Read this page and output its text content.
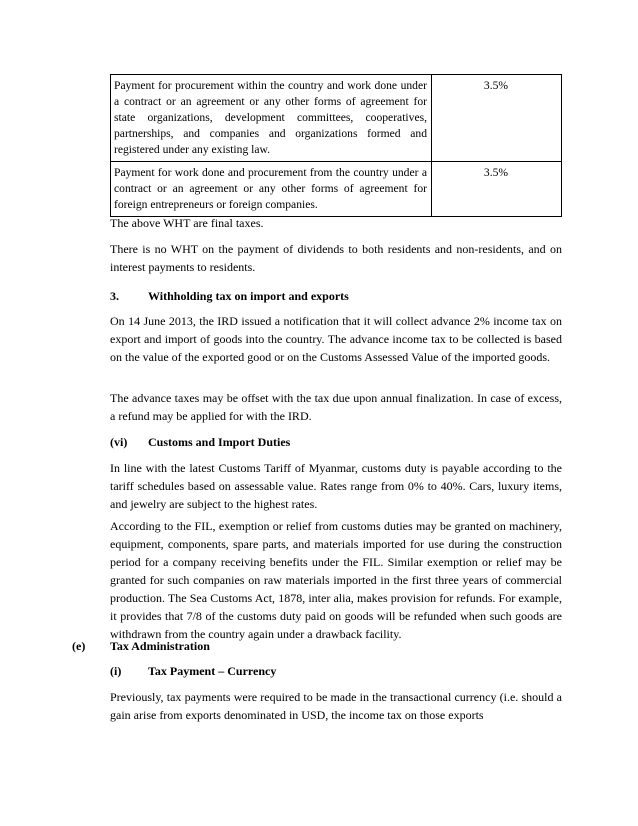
Payment for procurement within the country and work done under a contract or an agreement or any other forms of agreement for state organizations, development committees, cooperatives, partnerships, and companies and organizations formed and registered under any existing law.	3.5%
Payment for work done and procurement from the country under a contract or an agreement or any other forms of agreement for foreign entrepreneurs or foreign companies.	3.5%

The above WHT are final taxes.

There is no WHT on the payment of dividends to both residents and non-residents, and on interest payments to residents.

3. Withholding tax on import and exports

On 14 June 2013, the IRD issued a notification that it will collect advance 2% income tax on export and import of goods into the country. The advance income tax to be collected is based on the value of the exported good or on the Customs Assessed Value of the imported goods.

The advance taxes may be offset with the tax due upon annual finalization. In case of excess, a refund may be applied for with the IRD.

(vi) Customs and Import Duties

In line with the latest Customs Tariff of Myanmar, customs duty is payable according to the tariff schedules based on assessable value. Rates range from 0% to 40%. Cars, luxury items, and jewelry are subject to the highest rates.

According to the FIL, exemption or relief from customs duties may be granted on machinery, equipment, components, spare parts, and materials imported for use during the construction period for a company receiving benefits under the FIL. Similar exemption or relief may be granted for such companies on raw materials imported in the first three years of commercial production. The Sea Customs Act, 1878, inter alia, makes provision for refunds. For example, it provides that 7/8 of the customs duty paid on goods will be refunded when such goods are withdrawn from the country again under a drawback facility.

(e) Tax Administration
(i) Tax Payment – Currency

Previously, tax payments were required to be made in the transactional currency (i.e. should a gain arise from exports denominated in USD, the income tax on those exports
